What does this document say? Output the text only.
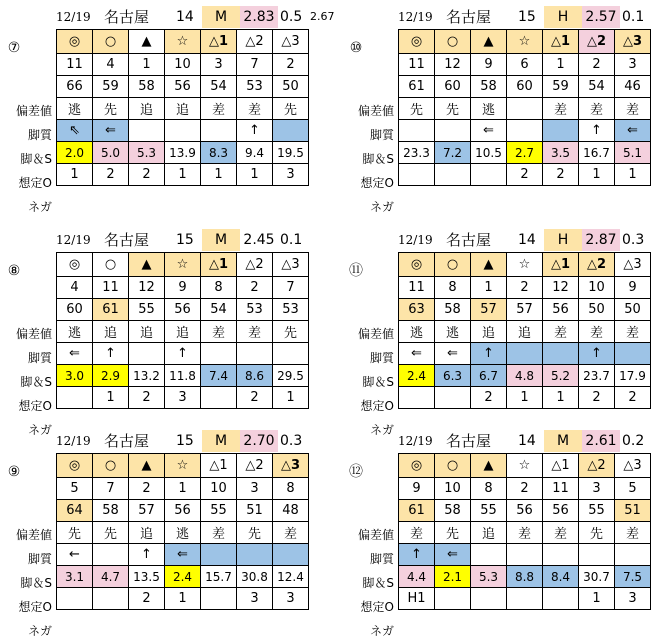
12/19 名古屋 14	M	2.83 0.5 2.67
⑦
偏差値
脚質
脚＆S
想定O
ネガ
◎	○	▲	☆	△1	△2	△3
11	4	1	10	3	7	2
66	59	58	56	54	53	50
逃	先	追	追	差	差	先
⇖	⇐				↑	
2.0	5.0	5.3	13.9	8.3	9.4	19.5
1	2	2	1	1	1	3
12/19 名古屋 15	H	2.57 0.1
⑩
偏差値
脚質
脚＆S
想定O
ネガ
◎	○	▲	☆	△1	△2	△3
11	12	9	6	1	2	3
61	60	58	60	59	54	46
先	先	逃		差	差	差
		⇐			↑	⇐
23.3	7.2	10.5	2.7	3.5	16.7	5.1
			2	2	1	1
12/19 名古屋 15	M	2.45 0.1
⑧
偏差値
脚質
脚＆S
想定O
ネガ
◎	○	▲	☆	△1	△2	△3
4	11	12	9	8	2	7
60	61	55	56	54	53	53
逃	追	追	追	差	差	先
⇐	↑		↑			
3.0	2.9	13.2	11.8	7.4	8.6	29.5
	1	2	3		2	1
12/19 名古屋 14	H	2.87 0.3
⑪
偏差値
脚質
脚＆S
想定O
ネガ
◎	○	▲	☆	△1	△2	△3
11	8	1	2	12	10	9
63	58	57	57	56	50	50
逃	逃	追	追	差	差	差
⇐	⇐	↑			↑	
2.4	6.3	6.7	4.8	5.2	23.7	17.9
		2	1	1	2	2
12/19 名古屋 15	M	2.70 0.3
⑨
偏差値
脚質
脚＆S
想定O
ネガ
◎	○	▲	☆	△1	△2	△3
5	7	2	1	10	3	8
64	58	57	56	55	51	48
先	先	追	逃	差	先	差
←		↑	⇐			
3.1	4.7	13.5	2.4	15.7	30.8	12.4
		2	1		3	3
12/19 名古屋 14	M	2.61 0.2
⑫
偏差値
脚質
脚＆S
想定O
ネガ
◎	○	▲	☆	△1	△2	△3
9	10	8	2	11	3	5
61	58	55	56	56	55	51
差	先	追	差	差	先	差
↑	⇐					
4.4	2.1	5.3	8.8	8.4	30.7	7.5
H1					1	3
